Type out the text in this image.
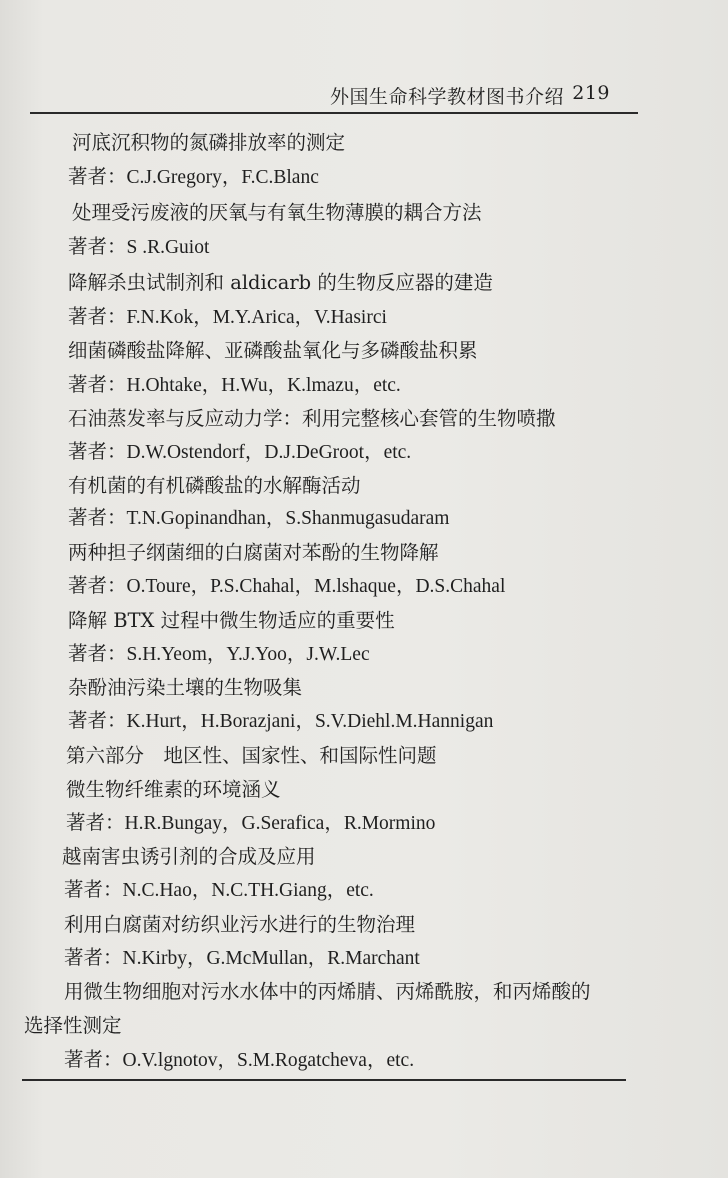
外国生命科学教材图书介绍 219
河底沉积物的氮磷排放率的测定
著者：C.J.Gregory，F.C.Blanc
处理受污废液的厌氧与有氧生物薄膜的耦合方法
著者：S .R.Guiot
降解杀虫试制剂和 aldicarb 的生物反应器的建造
著者：F.N.Kok，M.Y.Arica，V.Hasirci
细菌磷酸盐降解、亚磷酸盐氧化与多磷酸盐积累
著者：H.Ohtake，H.Wu，K.lmazu，etc.
石油蒸发率与反应动力学：利用完整核心套管的生物喷撒
著者：D.W.Ostendorf，D.J.DeGroot，etc.
有机菌的有机磷酸盐的水解酶活动
著者：T.N.Gopinandhan，S.Shanmugasudaram
两种担子纲菌细的白腐菌对苯酚的生物降解
著者：O.Toure，P.S.Chahal，M.lshaque，D.S.Chahal
降解 BTX 过程中微生物适应的重要性
著者：S.H.Yeom，Y.J.Yoo，J.W.Lec
杂酚油污染土壤的生物吸集
著者：K.Hurt，H.Borazjani，S.V.Diehl.M.Hannigan
第六部分　地区性、国家性、和国际性问题
微生物纤维素的环境涵义
著者：H.R.Bungay，G.Serafica，R.Mormino
越南害虫诱引剂的合成及应用
著者：N.C.Hao，N.C.TH.Giang，etc.
利用白腐菌对纺织业污水进行的生物治理
著者：N.Kirby，G.McMullan，R.Marchant
用微生物细胞对污水水体中的丙烯腈、丙烯酰胺，和丙烯酸的
选择性测定
著者：O.V.lgnotov，S.M.Rogatcheva，etc.
